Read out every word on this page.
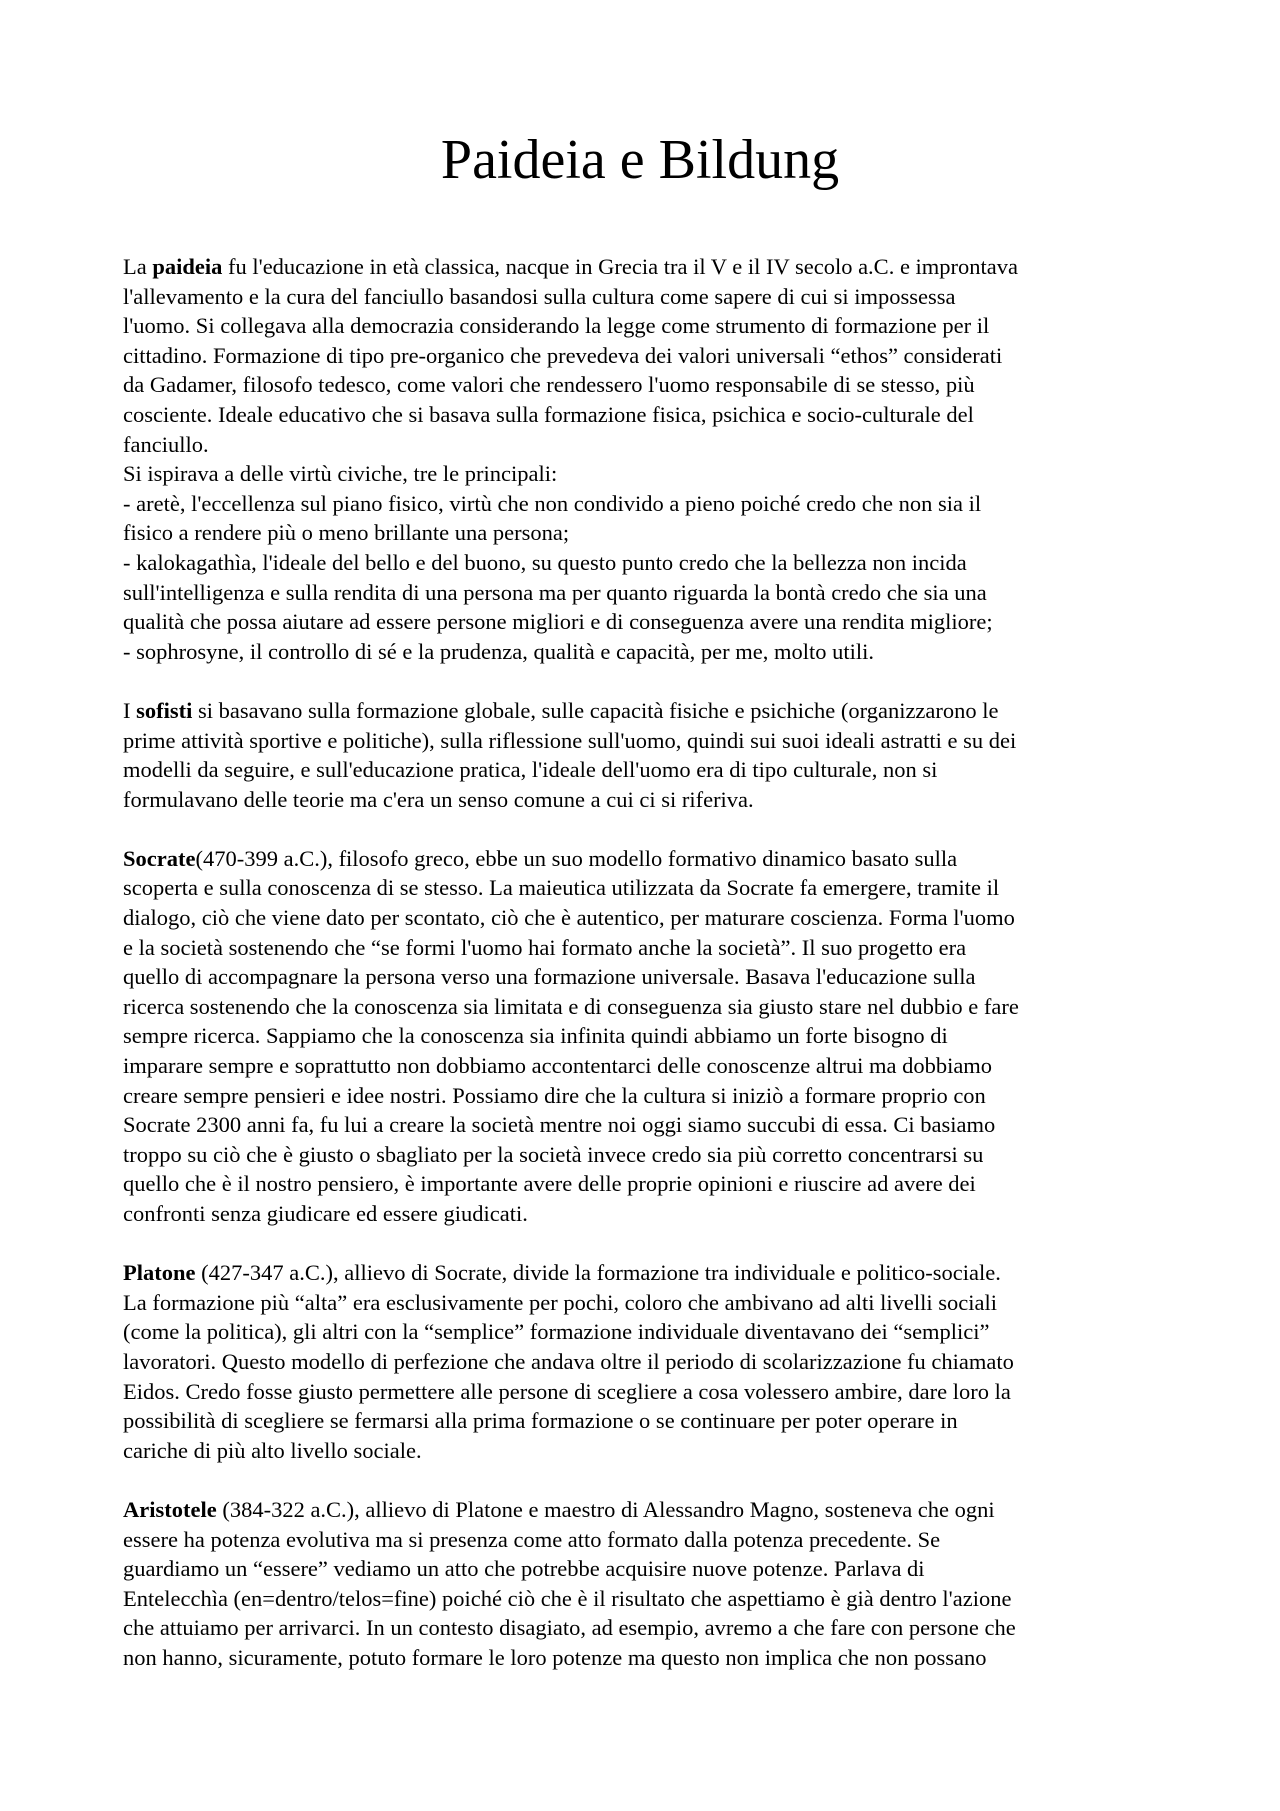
Paideia e Bildung
La paideia fu l'educazione in età classica, nacque in Grecia tra il V e il IV secolo a.C. e improntava
l'allevamento e la cura del fanciullo basandosi sulla cultura come sapere di cui si impossessa
l'uomo. Si collegava alla democrazia considerando la legge come strumento di formazione per il
cittadino. Formazione di tipo pre-organico che prevedeva dei valori universali “ethos” considerati
da Gadamer, filosofo tedesco, come valori che rendessero l'uomo responsabile di se stesso, più
cosciente. Ideale educativo che si basava sulla formazione fisica, psichica e socio-culturale del
fanciullo.
Si ispirava a delle virtù civiche, tre le principali:
- aretè, l'eccellenza sul piano fisico, virtù che non condivido a pieno poiché credo che non sia il
fisico a rendere più o meno brillante una persona;
- kalokagathìa, l'ideale del bello e del buono, su questo punto credo che la bellezza non incida
sull'intelligenza e sulla rendita di una persona ma per quanto riguarda la bontà credo che sia una
qualità che possa aiutare ad essere persone migliori e di conseguenza avere una rendita migliore;
- sophrosyne, il controllo di sé e la prudenza, qualità e capacità, per me, molto utili.
I sofisti si basavano sulla formazione globale, sulle capacità fisiche e psichiche (organizzarono le
prime attività sportive e politiche), sulla riflessione sull'uomo, quindi sui suoi ideali astratti e su dei
modelli da seguire, e sull'educazione pratica, l'ideale dell'uomo era di tipo culturale, non si
formulavano delle teorie ma c'era un senso comune a cui ci si riferiva.
Socrate(470-399 a.C.), filosofo greco, ebbe un suo modello formativo dinamico basato sulla
scoperta e sulla conoscenza di se stesso. La maieutica utilizzata da Socrate fa emergere, tramite il
dialogo, ciò che viene dato per scontato, ciò che è autentico, per maturare coscienza. Forma l'uomo
e la società sostenendo che “se formi l'uomo hai formato anche la società”. Il suo progetto era
quello di accompagnare la persona verso una formazione universale. Basava l'educazione sulla
ricerca sostenendo che la conoscenza sia limitata e di conseguenza sia giusto stare nel dubbio e fare
sempre ricerca. Sappiamo che la conoscenza sia infinita quindi abbiamo un forte bisogno di
imparare sempre e soprattutto non dobbiamo accontentarci delle conoscenze altrui ma dobbiamo
creare sempre pensieri e idee nostri. Possiamo dire che la cultura si iniziò a formare proprio con
Socrate 2300 anni fa, fu lui a creare la società mentre noi oggi siamo succubi di essa. Ci basiamo
troppo su ciò che è giusto o sbagliato per la società invece credo sia più corretto concentrarsi su
quello che è il nostro pensiero, è importante avere delle proprie opinioni e riuscire ad avere dei
confronti senza giudicare ed essere giudicati.
Platone (427-347 a.C.), allievo di Socrate, divide la formazione tra individuale e politico-sociale.
La formazione più “alta” era esclusivamente per pochi, coloro che ambivano ad alti livelli sociali
(come la politica), gli altri con la “semplice” formazione individuale diventavano dei “semplici”
lavoratori. Questo modello di perfezione che andava oltre il periodo di scolarizzazione fu chiamato
Eidos. Credo fosse giusto permettere alle persone di scegliere a cosa volessero ambire, dare loro la
possibilità di scegliere se fermarsi alla prima formazione o se continuare per poter operare in
cariche di più alto livello sociale.
Aristotele (384-322 a.C.), allievo di Platone e maestro di Alessandro Magno, sosteneva che ogni
essere ha potenza evolutiva ma si presenza come atto formato dalla potenza precedente. Se
guardiamo un “essere” vediamo un atto che potrebbe acquisire nuove potenze. Parlava di
Entelecchìa (en=dentro/telos=fine) poiché ciò che è il risultato che aspettiamo è già dentro l'azione
che attuiamo per arrivarci. In un contesto disagiato, ad esempio, avremo a che fare con persone che
non hanno, sicuramente, potuto formare le loro potenze ma questo non implica che non possano
